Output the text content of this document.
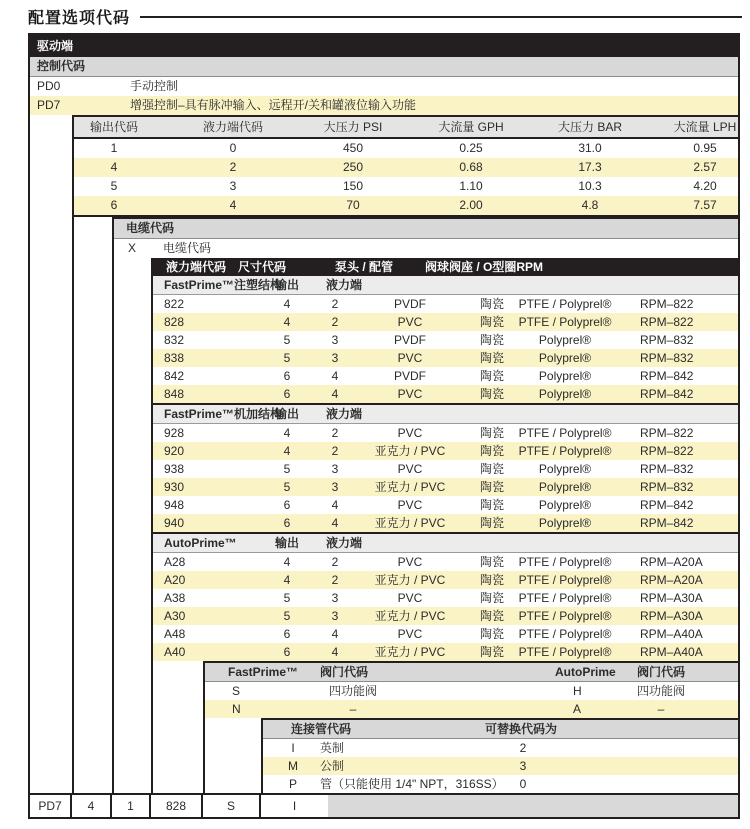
配置选项代码
驱动端
控制代码
PD0	手动控制
PD7	增强控制–具有脉冲输入、远程开/关和罐液位输入功能
输出代码	液力端代码	大压力 PSI	大流量 GPH	大压力 BAR	大流量 LPH
1	0	450	0.25	31.0	0.95
4	2	250	0.68	17.3	2.57
5	3	150	1.10	10.3	4.20
6	4	70	2.00	4.8	7.57
电缆代码
X 电缆代码
液力端代码 尺寸代码	泵头 / 配管	阀球阀座 / O型圈RPM
FastPrime™注塑结构
输出	液力端
822	4	2	PVDF	陶瓷	PTFE / Polyprel®	RPM–822
828	4	2	PVC	陶瓷	PTFE / Polyprel®	RPM–822
832	5	3	PVDF	陶瓷	Polyprel®	RPM–832
838	5	3	PVC	陶瓷	Polyprel®	RPM–832
842	6	4	PVDF	陶瓷	Polyprel®	RPM–842
848	6	4	PVC	陶瓷	Polyprel®	RPM–842
FastPrime™机加结构
输出	液力端
928	4	2	PVC	陶瓷	PTFE / Polyprel®	RPM–822
920	4	2	亚克力 / PVC	陶瓷	PTFE / Polyprel®	RPM–822
938	5	3	PVC	陶瓷	Polyprel®	RPM–832
930	5	3	亚克力 / PVC	陶瓷	Polyprel®	RPM–832
948	6	4	PVC	陶瓷	Polyprel®	RPM–842
940	6	4	亚克力 / PVC	陶瓷	Polyprel®	RPM–842
AutoPrime™	输出	液力端
A28	4	2	PVC	陶瓷	PTFE / Polyprel®	RPM–A20A
A20	4	2	亚克力 / PVC	陶瓷	PTFE / Polyprel®	RPM–A20A
A38	5	3	PVC	陶瓷	PTFE / Polyprel®	RPM–A30A
A30	5	3	亚克力 / PVC	陶瓷	PTFE / Polyprel®	RPM–A30A
A48	6	4	PVC	陶瓷	PTFE / Polyprel®	RPM–A40A
A40	6	4	亚克力 / PVC	陶瓷	PTFE / Polyprel®	RPM–A40A
FastPrime™ 阀门代码	AutoPrime 阀门代码
S	四功能阀	H	四功能阀
N	–	A	–
连接管代码	可替换代码为
I	英制	2
M	公制	3
P	管（只能使用 1/4" NPT，316SS）	0
PD7	4	1	828	S	I
